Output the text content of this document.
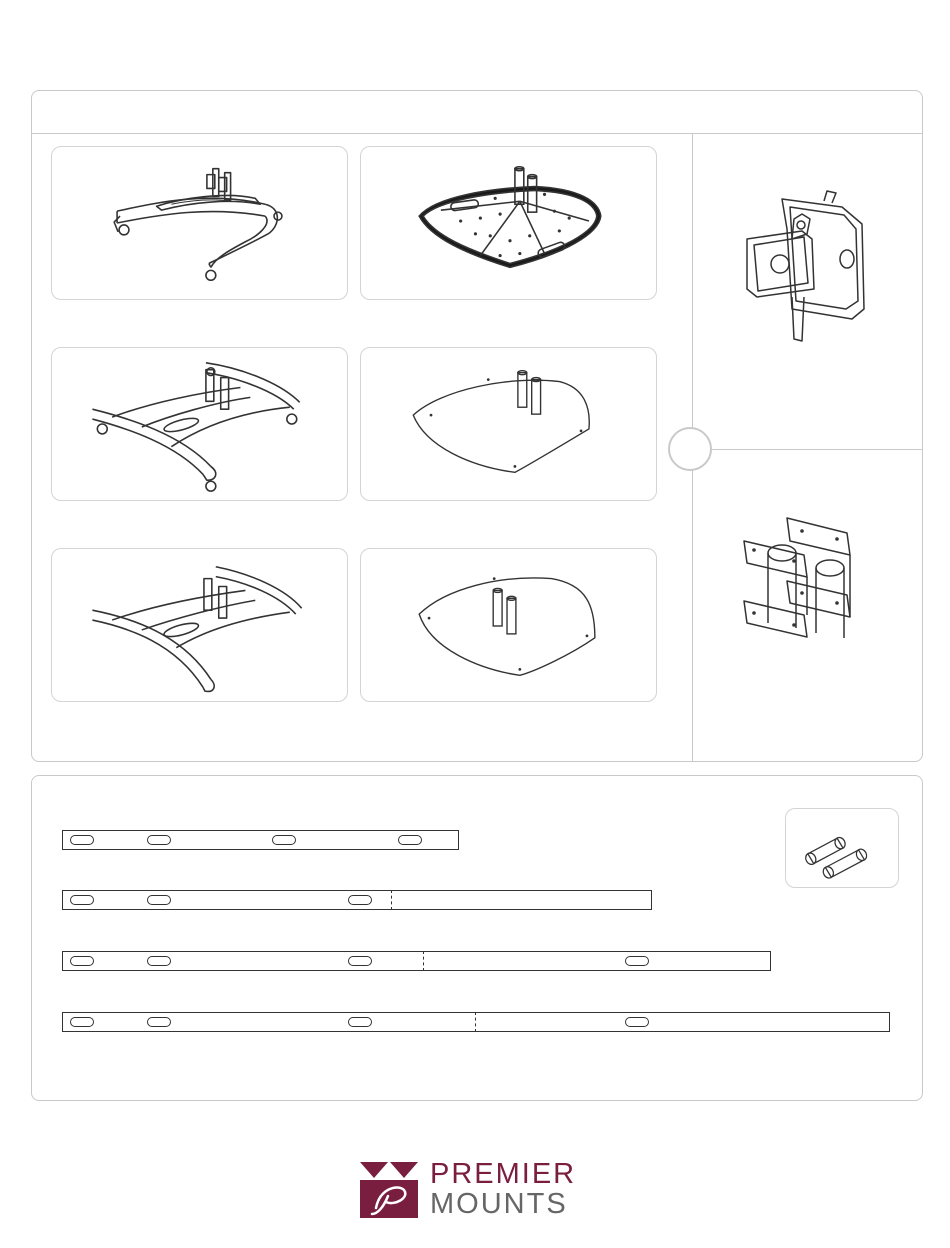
PREMIER
MOUNTS
